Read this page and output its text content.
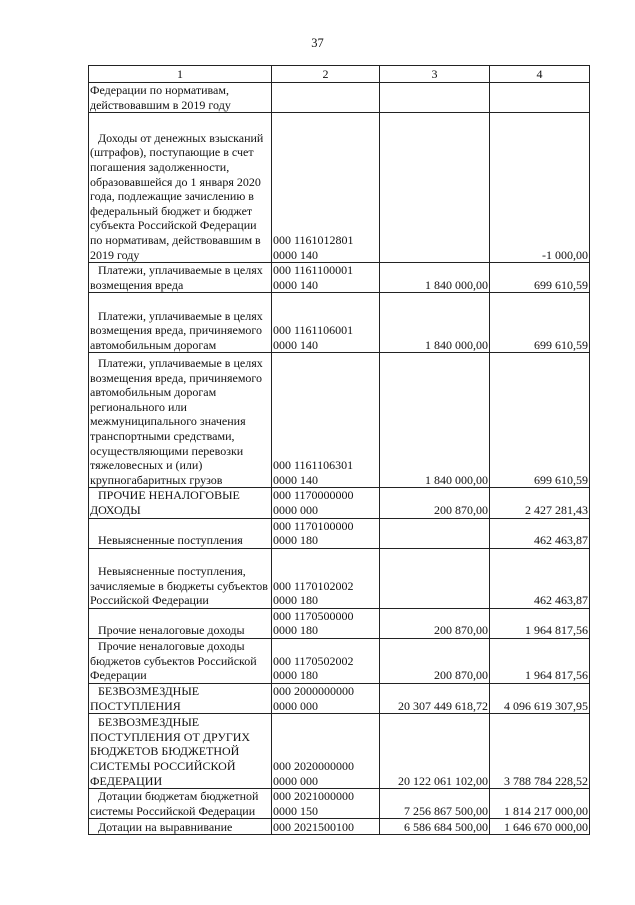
37
1	2	3	4
Федерации по нормативам, действовавшим в 2019 году			
Доходы от денежных взысканий (штрафов), поступающие в счет погашения задолженности, образовавшейся до 1 января 2020 года, подлежащие зачислению в федеральный бюджет и бюджет субъекта Российской Федерации по нормативам, действовавшим в 2019 году	000 1161012801 0000 140		-1 000,00
Платежи, уплачиваемые в целях возмещения вреда	000 1161100001 0000 140	1 840 000,00	699 610,59
Платежи, уплачиваемые в целях возмещения вреда, причиняемого автомобильным дорогам	000 1161106001 0000 140	1 840 000,00	699 610,59
Платежи, уплачиваемые в целях возмещения вреда, причиняемого автомобильным дорогам регионального или межмуниципального значения транспортными средствами, осуществляющими перевозки тяжеловесных и (или) крупногабаритных грузов	000 1161106301 0000 140	1 840 000,00	699 610,59
ПРОЧИЕ НЕНАЛОГОВЫЕ ДОХОДЫ	000 1170000000 0000 000	200 870,00	2 427 281,43
Невыясненные поступления	000 1170100000 0000 180		462 463,87
Невыясненные поступления, зачисляемые в бюджеты субъектов Российской Федерации	000 1170102002 0000 180		462 463,87
Прочие неналоговые доходы	000 1170500000 0000 180	200 870,00	1 964 817,56
Прочие неналоговые доходы бюджетов субъектов Российской Федерации	000 1170502002 0000 180	200 870,00	1 964 817,56
БЕЗВОЗМЕЗДНЫЕ ПОСТУПЛЕНИЯ	000 2000000000 0000 000	20 307 449 618,72	4 096 619 307,95
БЕЗВОЗМЕЗДНЫЕ ПОСТУПЛЕНИЯ ОТ ДРУГИХ БЮДЖЕТОВ БЮДЖЕТНОЙ СИСТЕМЫ РОССИЙСКОЙ ФЕДЕРАЦИИ	000 2020000000 0000 000	20 122 061 102,00	3 788 784 228,52
Дотации бюджетам бюджетной системы Российской Федерации	000 2021000000 0000 150	7 256 867 500,00	1 814 217 000,00
Дотации на выравнивание	000 2021500100	6 586 684 500,00	1 646 670 000,00
